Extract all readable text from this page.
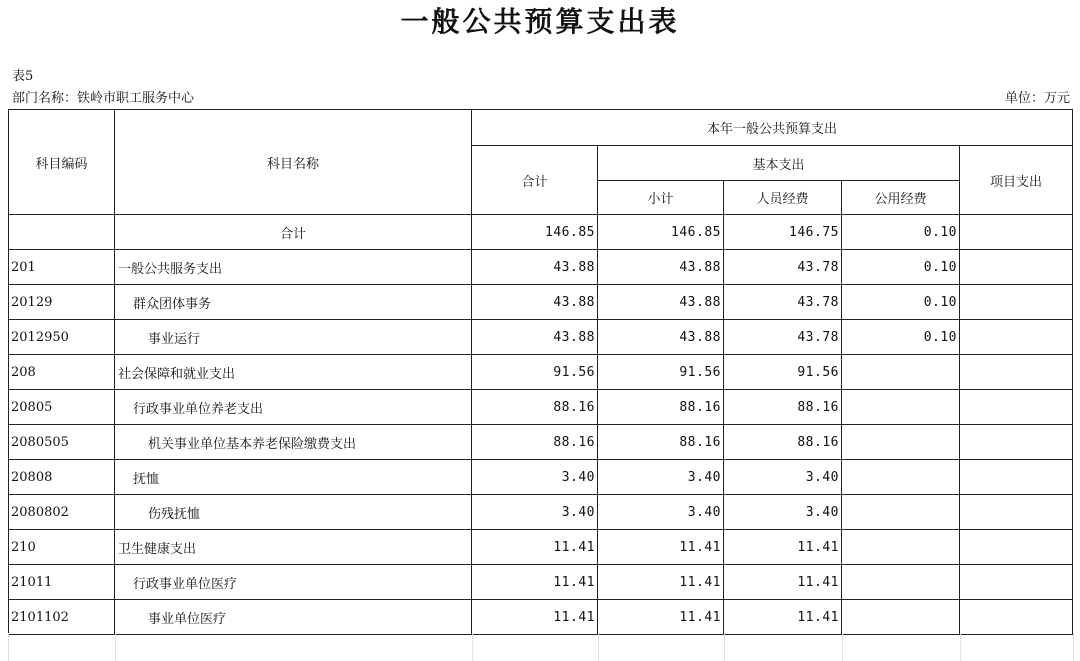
一般公共预算支出表
表5
部门名称：铁岭市职工服务中心	单位：万元
科目编码	科目名称	本年一般公共预算支出				
		合计	基本支出			项目支出
			小计	人员经费	公用经费	
	合计	146.85	146.85	146.75	0.10	
201	一般公共服务支出	43.88	43.88	43.78	0.10	
20129	群众团体事务	43.88	43.88	43.78	0.10	
2012950	事业运行	43.88	43.88	43.78	0.10	
208	社会保障和就业支出	91.56	91.56	91.56		
20805	行政事业单位养老支出	88.16	88.16	88.16		
2080505	机关事业单位基本养老保险缴费支出	88.16	88.16	88.16		
20808	抚恤	3.40	3.40	3.40		
2080802	伤残抚恤	3.40	3.40	3.40		
210	卫生健康支出	11.41	11.41	11.41		
21011	行政事业单位医疗	11.41	11.41	11.41		
2101102	事业单位医疗	11.41	11.41	11.41		
